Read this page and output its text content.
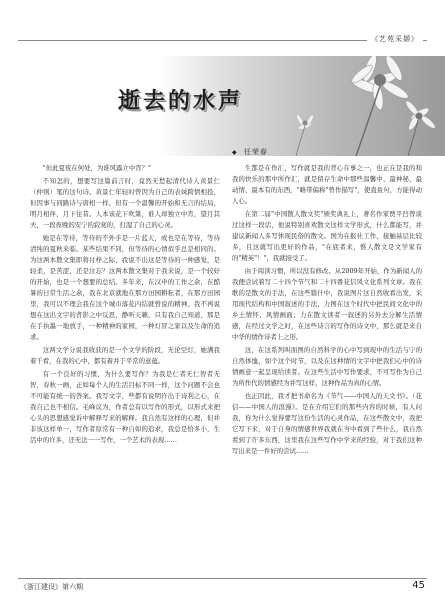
《艺苑采撷》
逝去的水声
◆ 任荣春

"但此夏夜在何处，为谁风露立中宵？"

不知怎的，想要写这篇前言时，竟然无愁起清代诗人黄景仁（仲则）笔的这句诗。黄景仁年轻时曾因为自己的表妹跨情相投，但因事与同路诗与唐相一样，但有一个温馨的开始和无言的结局，明月相伴，月下往昔。人本该花下吹箫，谁人却独立中宵，望月其夫，一段夜晚的安宁的寂寞的，打湿了自己的心灵。

她是在等待，等待的不外乎是一片蓝天，或也是在等待，等待清纯的夏秋来临。某些结果不同，但等待的心情似乎总是相同的。为这两本散文集即将付梓之际，我说不出这是等待的一种感觉，是轻柔，是苦涩，还是泣忘？这两本散文集对于我来说，是一个较好的开始，也是一个想要的总结。多年来，在汉申的工作之余，在酷暑的日常生活之余，我在北京就地在那方田园耕耘者，在那方田园里，我可以不理会我在这个城市落花内结就曾说的精神。我不再说想在这出文字的背影之中反思，静听天籁，只有我自己知道，那是在手执墨一地放手，一种精神的家园，一种灯冒之家以及生命的追求。

这两文学分说我收获的是一个文学的阶段，无论空灯，她满我着千看，在我的心中，都有着并于平常的意蕴。

有一个良好的习惯，为什么要写作？为我是仁者无仁智者无智，春秋一画，正如每个人的生活目标不同一样，这个问题不会也不可能有统一的答案。我写文字，些都有说明许出于诗利之心，在我自己也不相信。毛峰议为，作者总有以写作的形式，以形式来把心头的思想感觉诉中解释写来的解释。我自然有这样的心理，但并非该这样单一，写作者原常有一种自如的追求，我总是恰多小，生活中的许多，还无法一一写作，一个艺术的表现……

生都是在作汇，写作就是我的背心在事之一，也正在是我的和我的快乐的那中所作汇，就是留存生命中那些温馨中、最神秘、最动情、最本有的东西，"略带偏称"曾作描写"，使直鱼句，方能得动人心。

在第二届"中国散人散文奖"颁奖典礼上，著名作家贾平凹曾谈过这样一段话，他说特别喜欢散文这样文学形式，什么都能写，并建议新闻人多写体现民俗的散文。国为在报社工作，接触基层比较多，且这就写出更好的作品，"在底者来，惟人散文是文学家有的"精英"！"，我就接受了。

由于阅读习惯，所以没有修改。从2009年开始，作为新闻人的我便尝试着写二十四个节气和二十四番花信风文化系列文章。我在歌的是散文的手法，在这些篇什中，我说图片这自然收看出发，采用现代结构和中国叙述的手法，力图在这个时代中把民间文化中的乡土情怀、风情画面；力在散文读者一叙述的另外去分解生活情感，在经过文学之时，在这些诗言的写作的诗文中，那么就是来自中华的情作诗者上之形。

这，在这系列叫面图的自然科学的心中写到现中的生活与宁的自然体恤，如个这个时节，以及在这种情的文字中把我们心中的诗情画意一起呈现给读者。在这些生活中写作要求，不可写作为自己为所作代的情感经为并写这样，这种作品为真的心情。

也正因此，我才把书命名为《节气——中国人的天文书》。（花信——中国人的浪漫》。是在介绍它们的那些内容的时候，有人问我，你为什么觉得要写这份生活的心灵作品，在这些散文中，我把它写下来，对于自身的情感世界我就在当中看到了些什么，我自然看到了许多东西，这里我在这些写作中学来的经验，对于我们这种写出来是一件好的尝试……

《浙江建设》第六期	45
